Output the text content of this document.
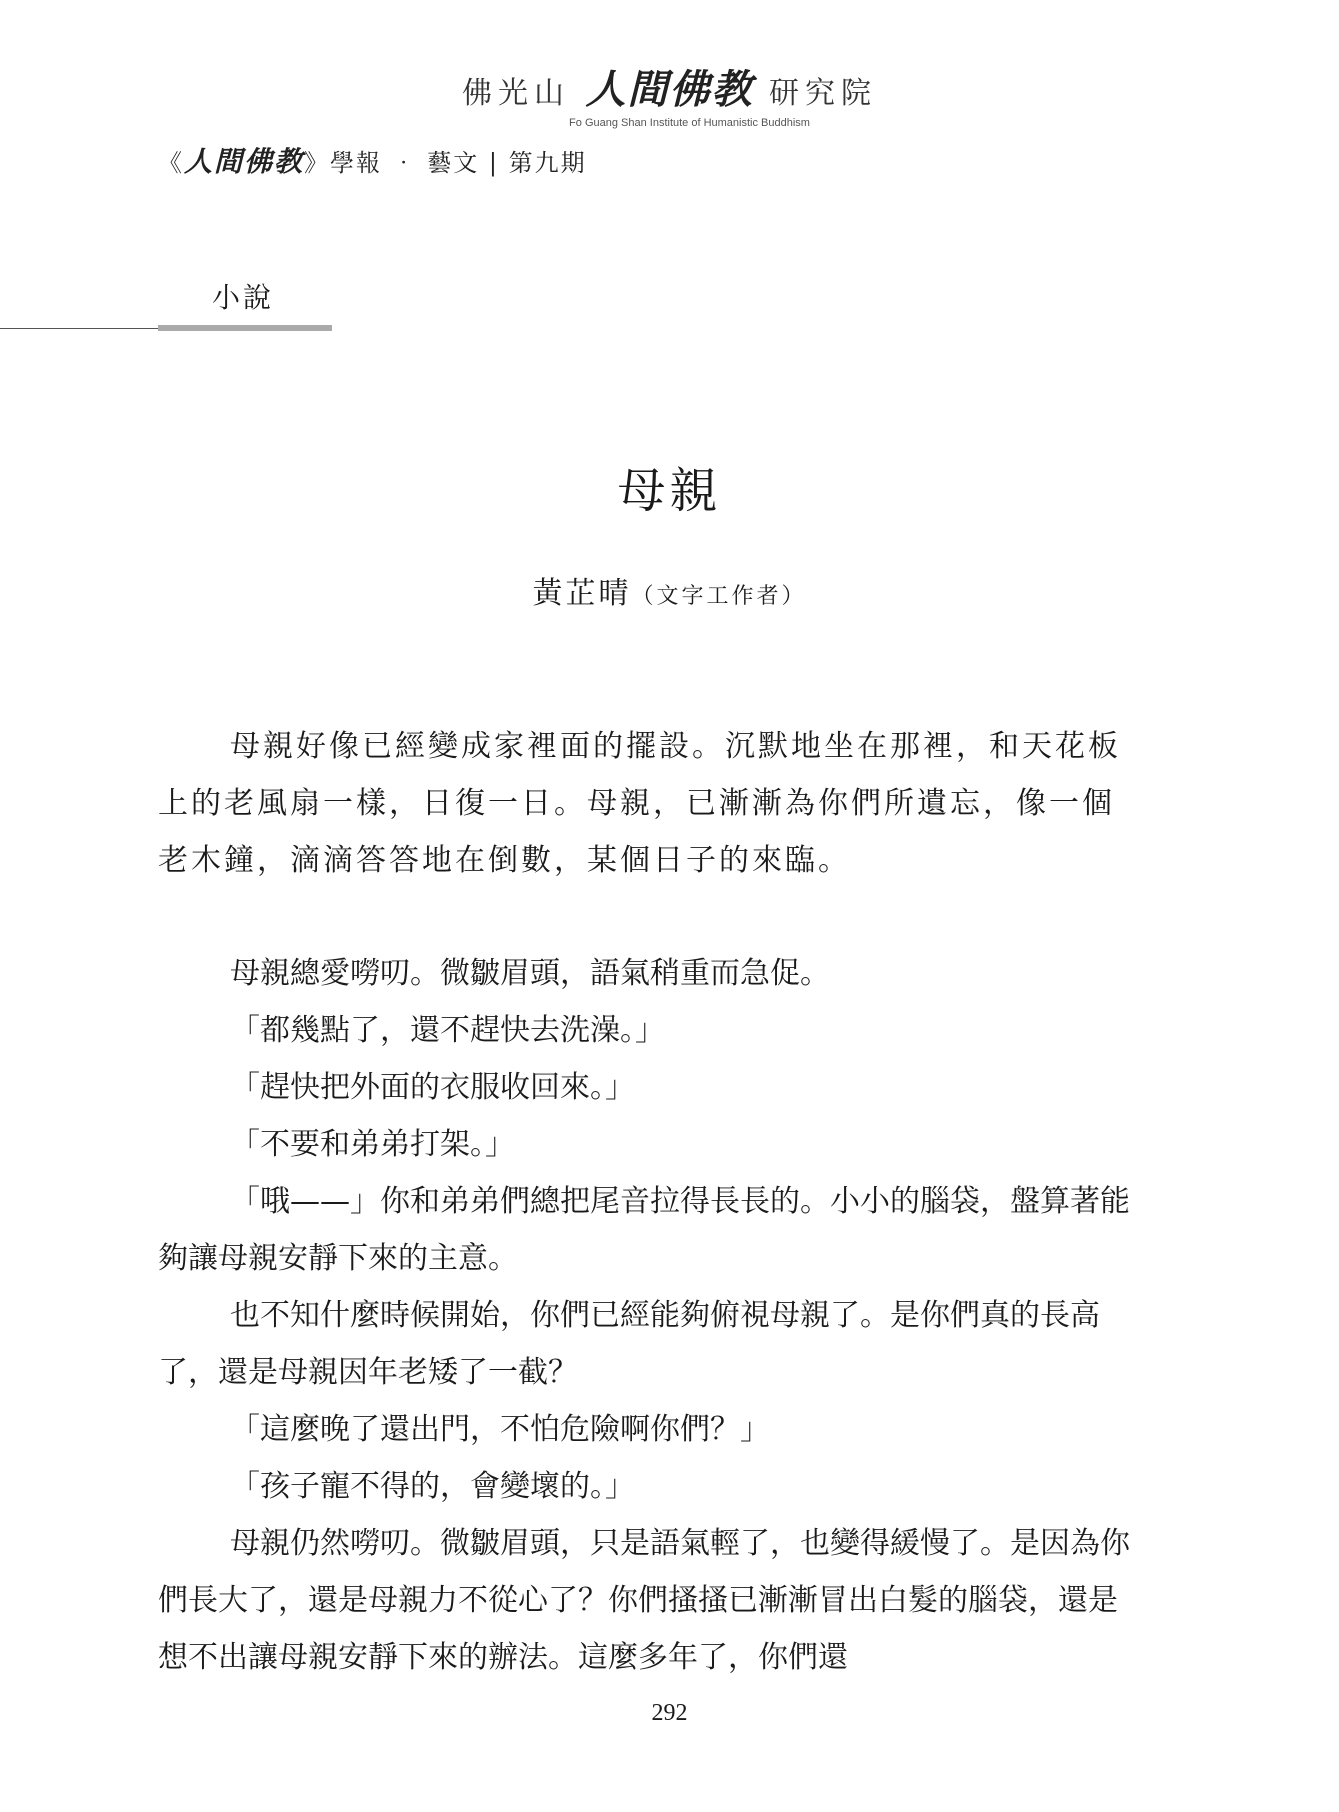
佛光山 人間佛教 研究院
Fo Guang Shan Institute of Humanistic Buddhism
《人間佛教》學報 ‧ 藝文 | 第九期
小說
母親
黃芷晴（文字工作者）

母親好像已經變成家裡面的擺設。沉默地坐在那裡，和天花板上的老風扇一樣，日復一日。母親，已漸漸為你們所遺忘，像一個老木鐘，滴滴答答地在倒數，某個日子的來臨。

母親總愛嘮叨。微皺眉頭，語氣稍重而急促。

「都幾點了，還不趕快去洗澡。」

「趕快把外面的衣服收回來。」

「不要和弟弟打架。」

「哦——」你和弟弟們總把尾音拉得長長的。小小的腦袋，盤算著能夠讓母親安靜下來的主意。

也不知什麼時候開始，你們已經能夠俯視母親了。是你們真的長高了，還是母親因年老矮了一截？

「這麼晚了還出門，不怕危險啊你們？」

「孩子寵不得的，會變壞的。」

母親仍然嘮叨。微皺眉頭，只是語氣輕了，也變得緩慢了。是因為你們長大了，還是母親力不從心了？你們搔搔已漸漸冒出白髮的腦袋，還是想不出讓母親安靜下來的辦法。這麼多年了，你們還

292
